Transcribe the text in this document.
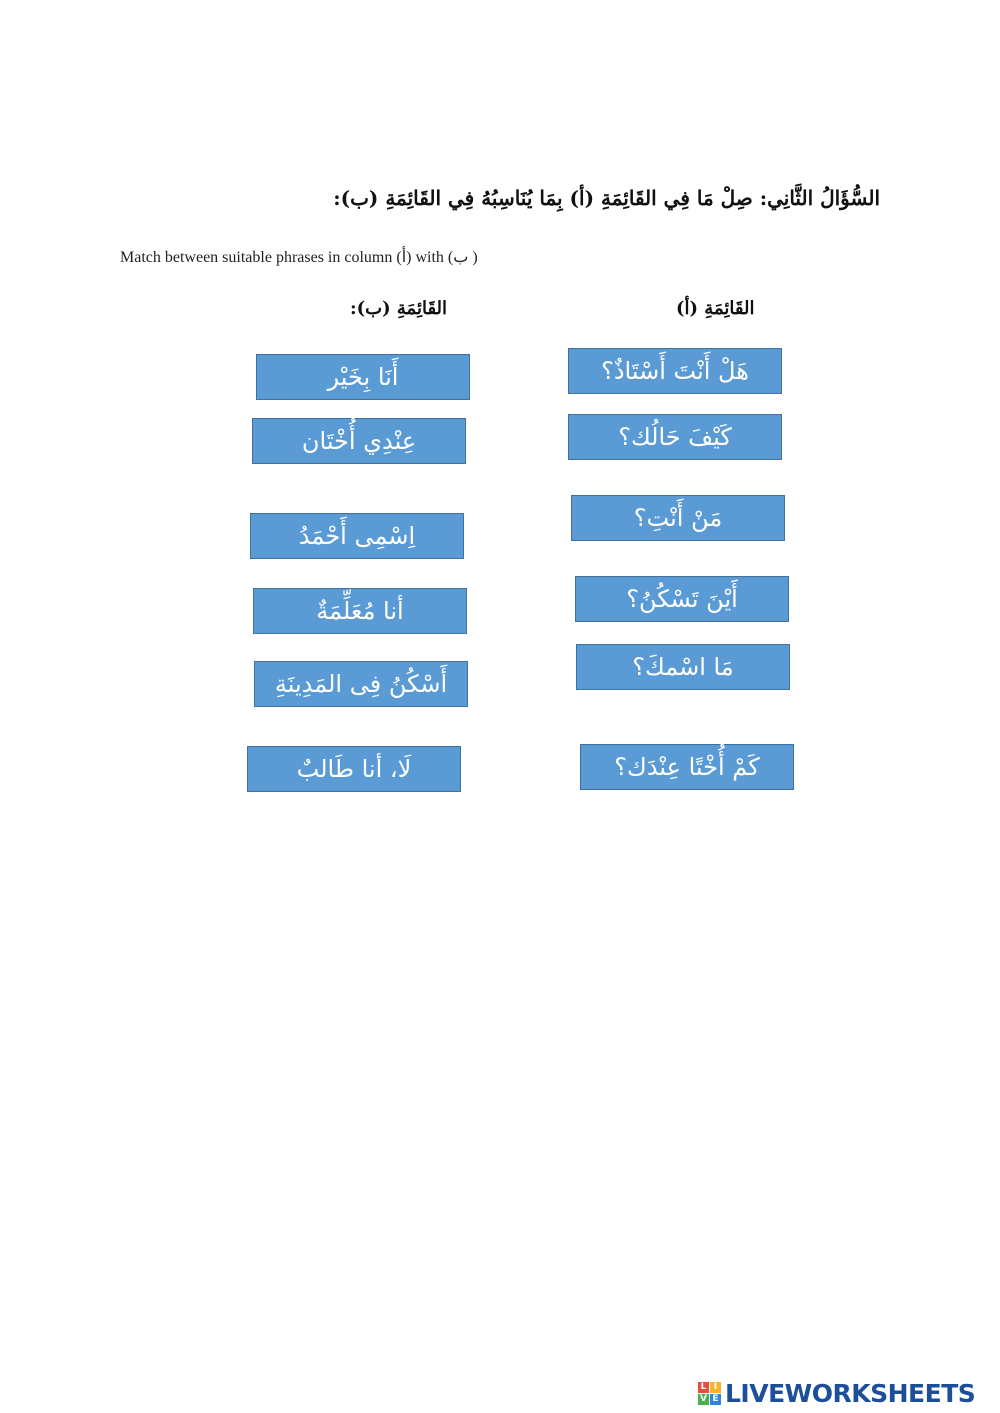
السُّؤَالُ الثَّانِي: صِلْ مَا فِي القَائِمَةِ (أ) بِمَا يُنَاسِبُهُ فِي القَائِمَةِ (ب):
Match between suitable phrases in column (أ) with (ب )
القَائِمَةِ (أ)
القَائِمَةِ (ب):
هَلْ أَنْتَ أَسْتَاذٌ؟
كَيْفَ حَالُك؟
مَنْ أَنْتِ؟
أَيْنَ تَسْكُنُ؟
مَا اسْمكَ؟
كَمْ أُخْتًا عِنْدَك؟
أَنَا بِخَيْر
عِنْدِي أُخْتَان
اِسْمِى أَحْمَدُ
أنا مُعَلِّمَةٌ
أَسْكُنُ فِى المَدِينَةِ
لَا، أنا طَالبٌ
L I
V E LIVEWORKSHEETS
